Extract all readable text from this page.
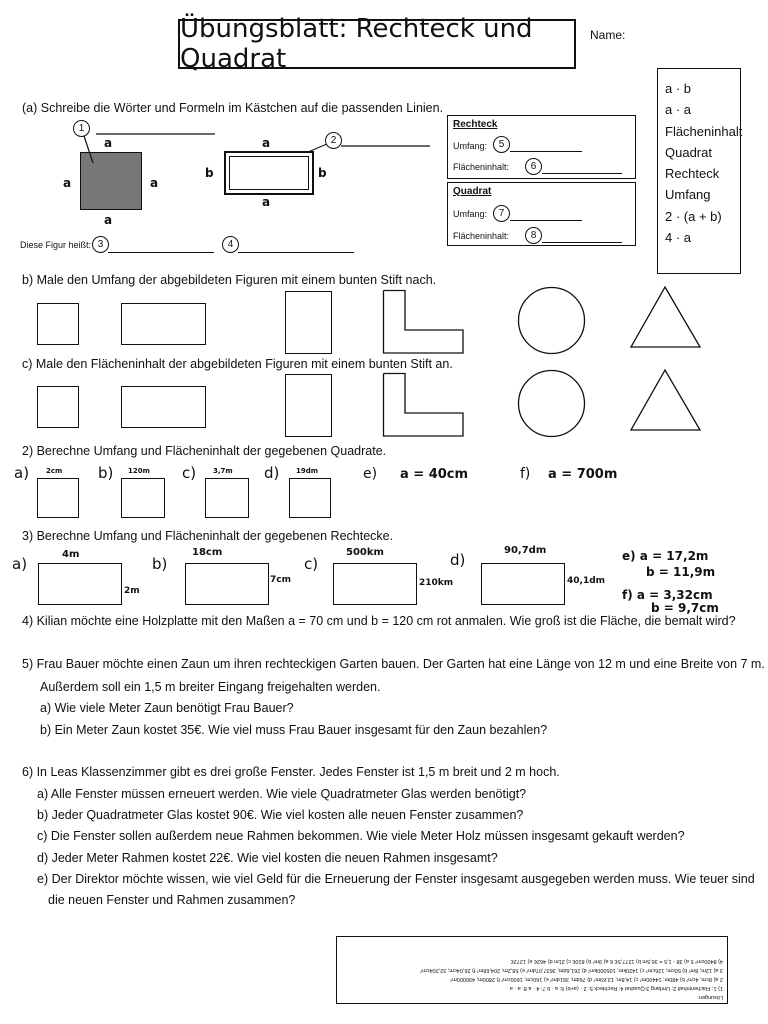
Übungsblatt: Rechteck und Quadrat
Name:
a · b
a · a
Flächeninhalt
Quadrat
Rechteck
Umfang
2 · (a + b)
4 · a
(a) Schreibe die Wörter und Formeln im Kästchen auf die passenden Linien.
a
a	a
a
a
b	b
a
1
2
Diese Figur heißt: 3	4
Rechteck
Umfang:	5
Flächeninhalt:	6
Quadrat
Umfang:	7
Flächeninhalt:	8
b) Male den Umfang der abgebildeten Figuren mit einem bunten Stift nach.
c) Male den Flächeninhalt der abgebildeten Figuren mit einem bunten Stift an.
2) Berechne Umfang und Flächeninhalt der gegebenen Quadrate.
a) 2cm b) 120m c) 3,7m d) 19dm	e) a = 40cm	f) a = 700m
3) Berechne Umfang und Flächeninhalt der gegebenen Rechtecke.
a)
4m
2m
b)
18cm
7cm
c)
500km
210km
d)
90,7dm
40,1dm
e) a = 17,2m
b = 11,9m
f) a = 3,32cm
b = 9,7cm
4) Kilian möchte eine Holzplatte mit den Maßen a = 70 cm und b = 120 cm rot anmalen. Wie groß ist die Fläche, die bemalt wird?
5) Frau Bauer möchte einen Zaun um ihren rechteckigen Garten bauen. Der Garten hat eine Länge von 12 m und eine Breite von 7 m.
Außerdem soll ein 1,5 m breiter Eingang freigehalten werden.
a) Wie viele Meter Zaun benötigt Frau Bauer?
b) Ein Meter Zaun kostet 35€. Wie viel muss Frau Bauer insgesamt für den Zaun bezahlen?
6) In Leas Klassenzimmer gibt es drei große Fenster. Jedes Fenster ist 1,5 m breit und 2 m hoch.
a) Alle Fenster müssen erneuert werden. Wie viele Quadratmeter Glas werden benötigt?
b) Jeder Quadratmeter Glas kostet 90€. Wie viel kosten alle neuen Fenster zusammen?
c) Die Fenster sollen außerdem neue Rahmen bekommen. Wie viele Meter Holz müssen insgesamt gekauft werden?
d) Jeder Meter Rahmen kostet 22€. Wie viel kosten die neuen Rahmen insgesamt?
e) Der Direktor möchte wissen, wie viel Geld für die Erneuerung der Fenster insgesamt ausgegeben werden muss. Wie teuer sind
die neuen Fenster und Rahmen zusammen?
Lösungen:
1) 1: Flächeninhalt 2: Umfang 3:Quadrat 4: Rechteck 5: 2 · (a+b) 6: a · b 7: 4 · a 8: a · a
2 a) 8cm; 4cm² b) 480m; 14400m² c) 14,8m; 13,69m² d) 76dm; 361dm² e) 160cm; 1600cm² f) 2800m; 490000m²
3 a) 12m; 8m² b) 50cm; 126cm² c) 1420km; 105000km² d) 261,6dm; 3637,07dm² e) 58,2m; 204,68m² f) 26,04cm; 32,204cm²
4) 8400cm² 5 a) 38 - 1,5 = 36,5m b) 1277,5€ 6 a) 9m² b) 810€ c) 21m d) 462€ e) 1272€
